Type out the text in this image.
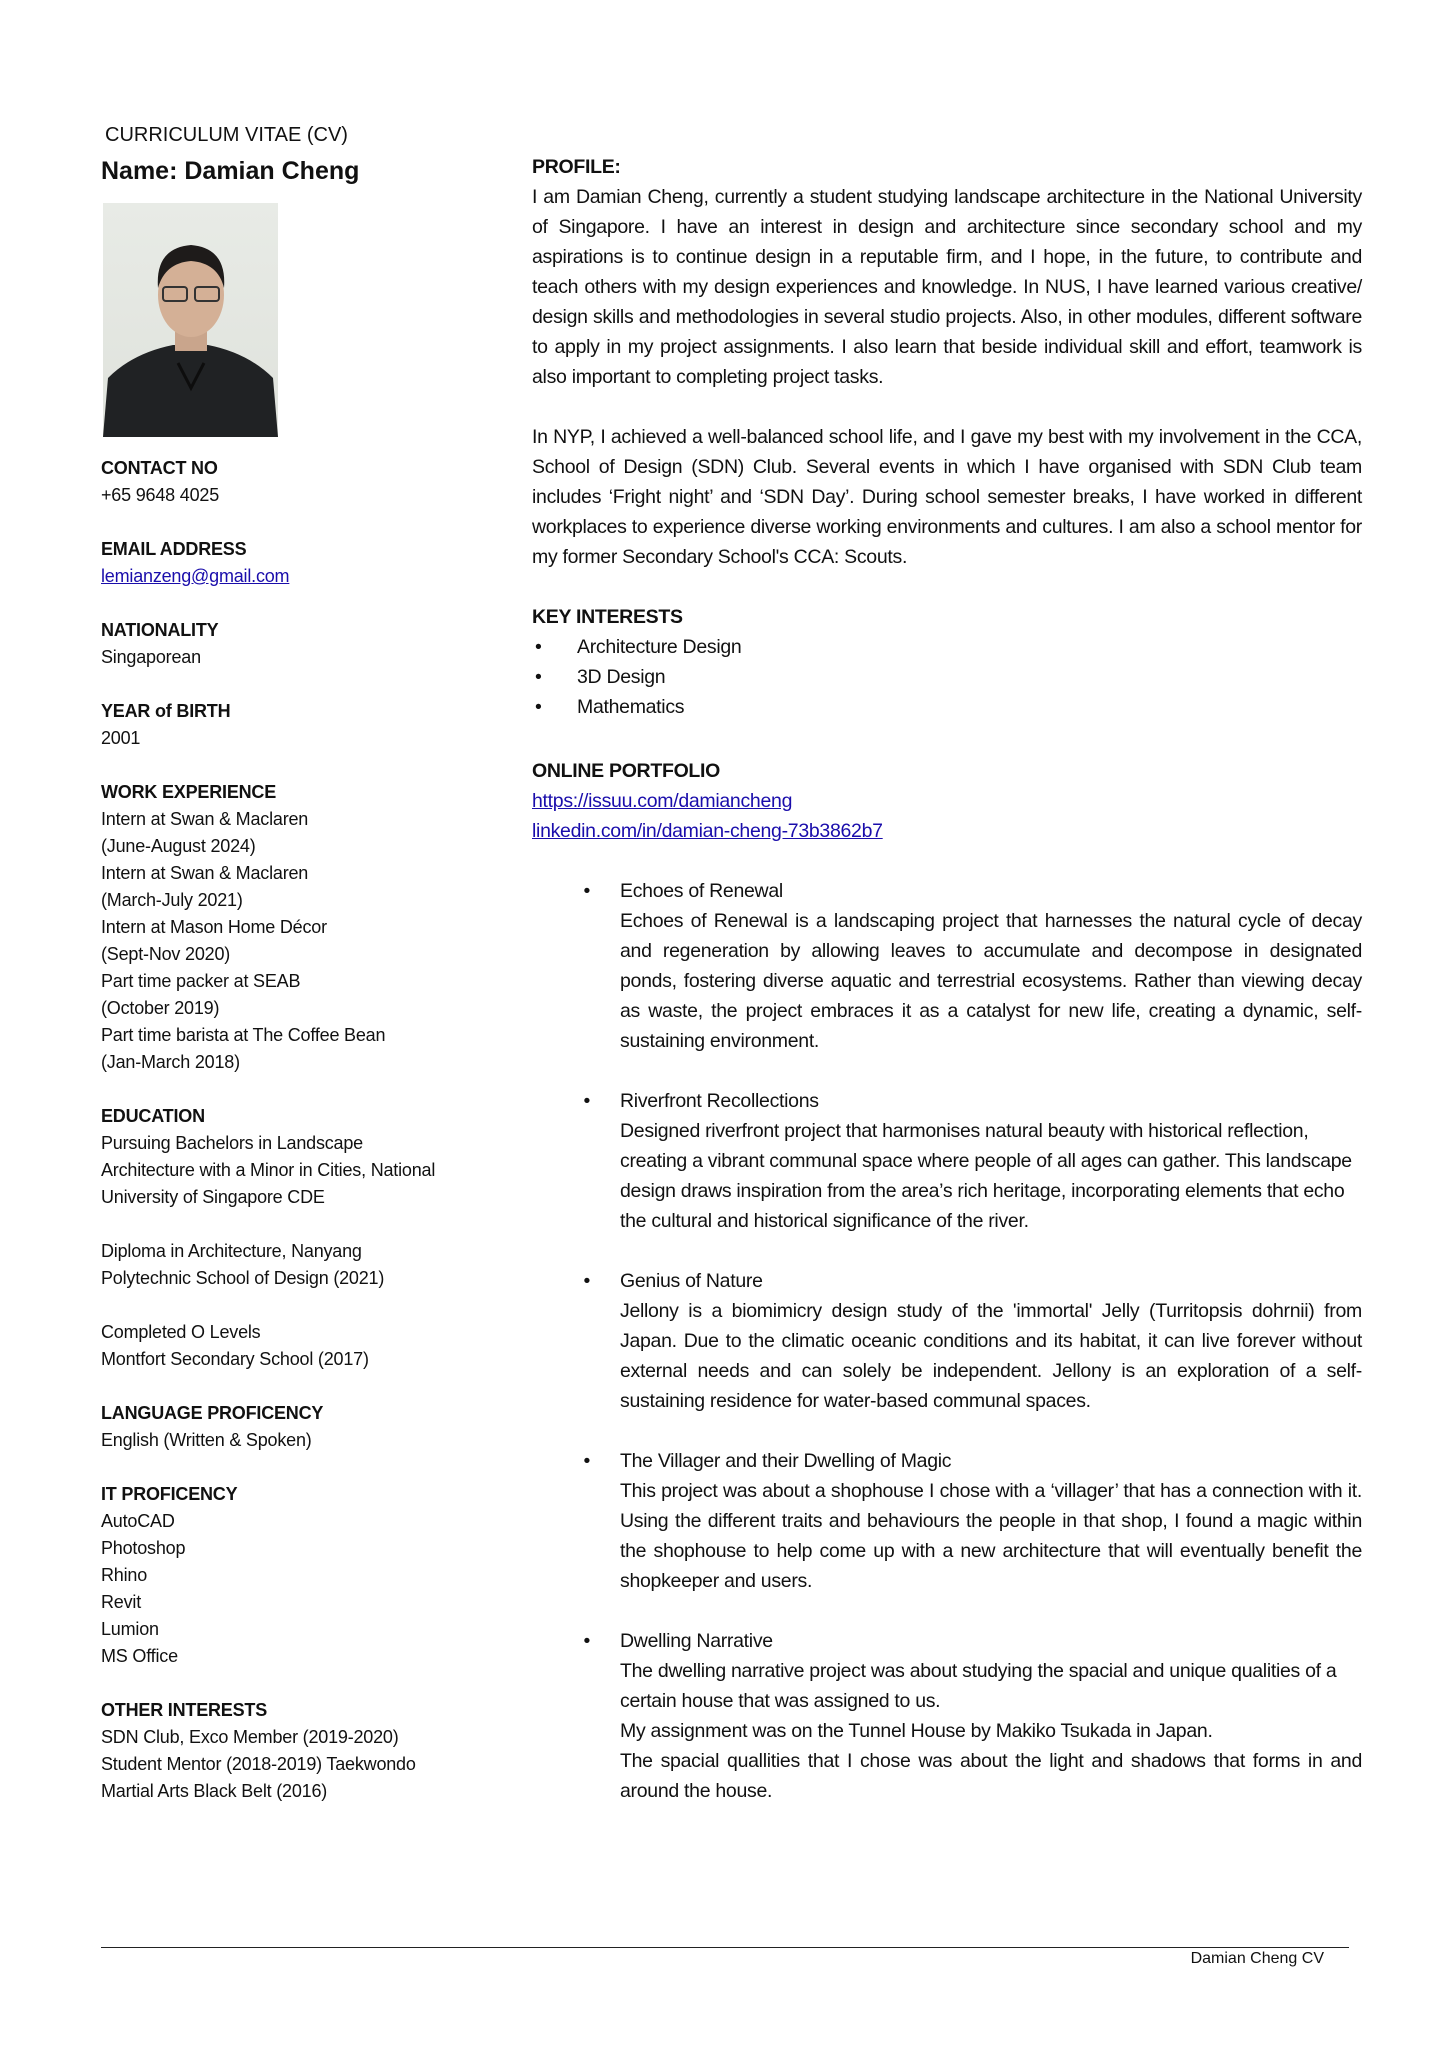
CURRICULUM VITAE (CV)
Name: Damian Cheng
CONTACT NO
+65 9648 4025
EMAIL ADDRESS
lemianzeng@gmail.com
NATIONALITY
Singaporean
YEAR of BIRTH
2001
WORK EXPERIENCE
Intern at Swan & Maclaren
(June-August 2024)
Intern at Swan & Maclaren
(March-July 2021)
Intern at Mason Home Décor
(Sept-Nov 2020)
Part time packer at SEAB
(October 2019)
Part time barista at The Coffee Bean
(Jan-March 2018)
EDUCATION
Pursuing Bachelors in Landscape
Architecture with a Minor in Cities, National
University of Singapore CDE
Diploma in Architecture, Nanyang
Polytechnic School of Design (2021)
Completed O Levels
Montfort Secondary School (2017)
LANGUAGE PROFICENCY
English (Written & Spoken)
IT PROFICENCY
AutoCAD
Photoshop
Rhino
Revit
Lumion
MS Office
OTHER INTERESTS
SDN Club, Exco Member (2019-2020)
Student Mentor (2018-2019) Taekwondo
Martial Arts Black Belt (2016)
PROFILE:
I am Damian Cheng, currently a student studying landscape architecture in the National University of Singapore. I have an interest in design and architecture since secondary school and my aspirations is to continue design in a reputable firm, and I hope, in the future, to contribute and teach others with my design experiences and knowledge. In NUS, I have learned various creative/ design skills and methodologies in several studio projects. Also, in other modules, different software to apply in my project assignments. I also learn that beside individual skill and effort, teamwork is also important to completing project tasks.
In NYP, I achieved a well-balanced school life, and I gave my best with my involvement in the CCA, School of Design (SDN) Club. Several events in which I have organised with SDN Club team includes ‘Fright night’ and ‘SDN Day’. During school semester breaks, I have worked in different workplaces to experience diverse working environments and cultures. I am also a school mentor for my former Secondary School's CCA: Scouts.
KEY INTERESTS
•	Architecture Design
•	3D Design
•	Mathematics
ONLINE PORTFOLIO
https://issuu.com/damiancheng
linkedin.com/in/damian-cheng-73b3862b7
•	Echoes of Renewal
Echoes of Renewal is a landscaping project that harnesses the natural cycle of decay and regeneration by allowing leaves to accumulate and decompose in designated ponds, fostering diverse aquatic and terrestrial ecosystems. Rather than viewing decay as waste, the project embraces it as a catalyst for new life, creating a dynamic, self-sustaining environment.
•	Riverfront Recollections
Designed riverfront project that harmonises natural beauty with historical reflection, creating a vibrant communal space where people of all ages can gather. This landscape design draws inspiration from the area’s rich heritage, incorporating elements that echo the cultural and historical significance of the river.
•	Genius of Nature
Jellony is a biomimicry design study of the 'immortal' Jelly (Turritopsis dohrnii) from Japan. Due to the climatic oceanic conditions and its habitat, it can live forever without external needs and can solely be independent. Jellony is an exploration of a self-sustaining residence for water-based communal spaces.
•	The Villager and their Dwelling of Magic
This project was about a shophouse I chose with a ‘villager’ that has a connection with it. Using the different traits and behaviours the people in that shop, I found a magic within the shophouse to help come up with a new architecture that will eventually benefit the shopkeeper and users.
•	Dwelling Narrative
The dwelling narrative project was about studying the spacial and unique qualities of a certain house that was assigned to us.
My assignment was on the Tunnel House by Makiko Tsukada in Japan.
The spacial quallities that I chose was about the light and shadows that forms in and around the house.
Damian Cheng CV
